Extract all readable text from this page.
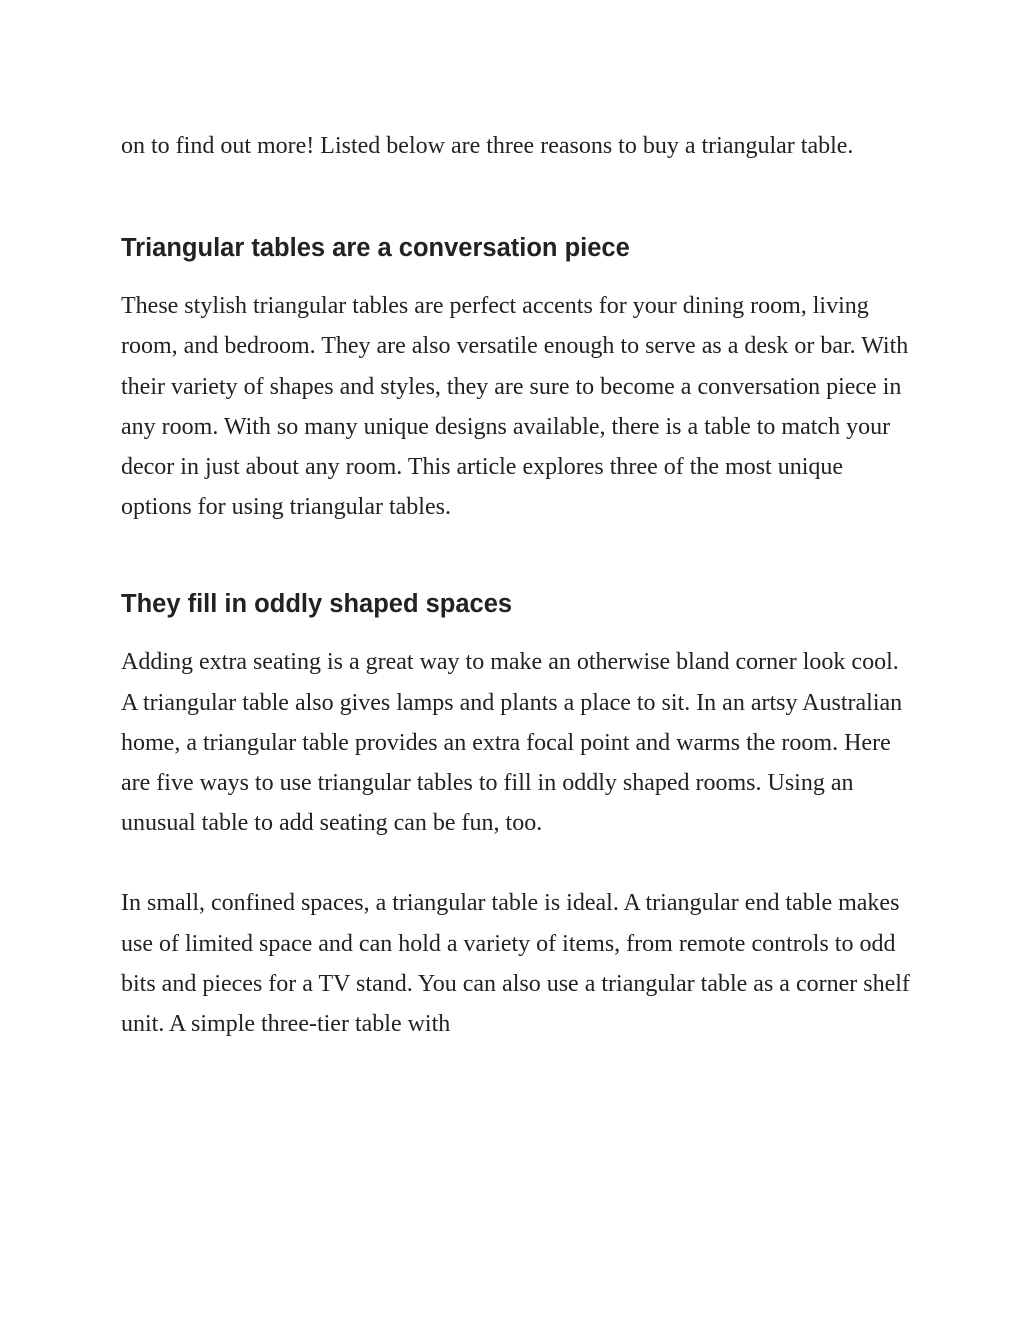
on to find out more! Listed below are three reasons to buy a triangular table.

Triangular tables are a conversation piece

These stylish triangular tables are perfect accents for your dining room, living room, and bedroom. They are also versatile enough to serve as a desk or bar. With their variety of shapes and styles, they are sure to become a conversation piece in any room. With so many unique designs available, there is a table to match your decor in just about any room. This article explores three of the most unique options for using triangular tables.

They fill in oddly shaped spaces

Adding extra seating is a great way to make an otherwise bland corner look cool. A triangular table also gives lamps and plants a place to sit. In an artsy Australian home, a triangular table provides an extra focal point and warms the room. Here are five ways to use triangular tables to fill in oddly shaped rooms. Using an unusual table to add seating can be fun, too.

In small, confined spaces, a triangular table is ideal. A triangular end table makes use of limited space and can hold a variety of items, from remote controls to odd bits and pieces for a TV stand. You can also use a triangular table as a corner shelf unit. A simple three-tier table with
